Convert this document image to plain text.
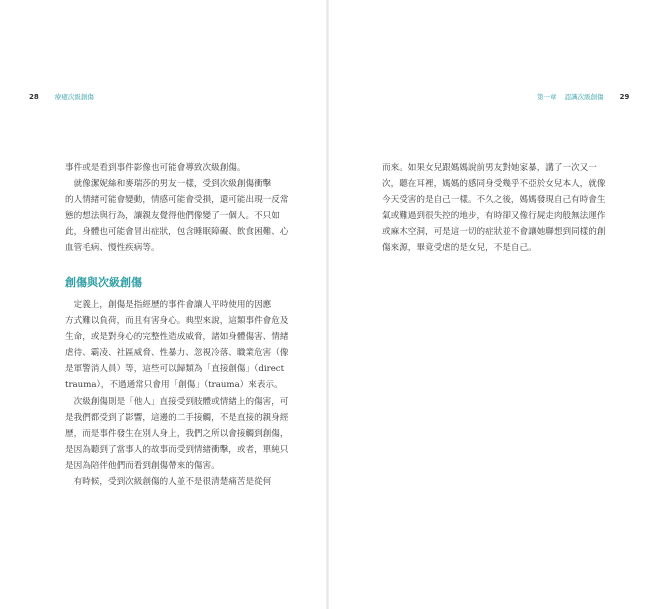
28 療癒次級創傷
事件或是看到事件影像也可能會導致次級創傷。
　就像潔妮絲和麥瑞莎的男友一樣，受到次級創傷衝擊
的人情緒可能會變動，情感可能會受損，還可能出現一反常
態的想法與行為，讓親友覺得他們像變了一個人。不只如
此，身體也可能會冒出症狀，包含睡眠障礙、飲食困難、心
血管毛病、慢性疾病等。
創傷與次級創傷
　定義上，創傷是指經歷的事件會讓人平時使用的因應
方式難以負荷，而且有害身心。典型來說，這類事件會危及
生命，或是對身心的完整性造成威脅，諸如身體傷害、情緒
虐待、霸凌、社區威脅、性暴力、忽視冷落、職業危害（像
是軍警消人員）等，這些可以歸類為「直接創傷」（direct
trauma），不過通常只會用「創傷」（trauma）來表示。
　次級創傷則是「他人」直接受到肢體或情緒上的傷害，可
是我們都受到了影響，這邊的二手接觸，不是直接的親身經
歷，而是事件發生在別人身上，我們之所以會接觸到創傷，
是因為聽到了當事人的故事而受到情緒衝擊，或者，單純只
是因為陪伴他們而看到創傷帶來的傷害。
　有時候，受到次級創傷的人並不是很清楚痛苦是從何
第一章 認識次級創傷 29
而來。如果女兒跟媽媽說前男友對她家暴，講了一次又一
次，聽在耳裡，媽媽的感同身受幾乎不亞於女兒本人，就像
今天受害的是自己一樣。不久之後，媽媽發現自己有時會生
氣或難過到很失控的地步，有時卻又像行屍走肉般無法運作
或麻木空洞，可是這一切的症狀並不會讓她聯想到同樣的創
傷來源，畢竟受虐的是女兒，不是自己。
